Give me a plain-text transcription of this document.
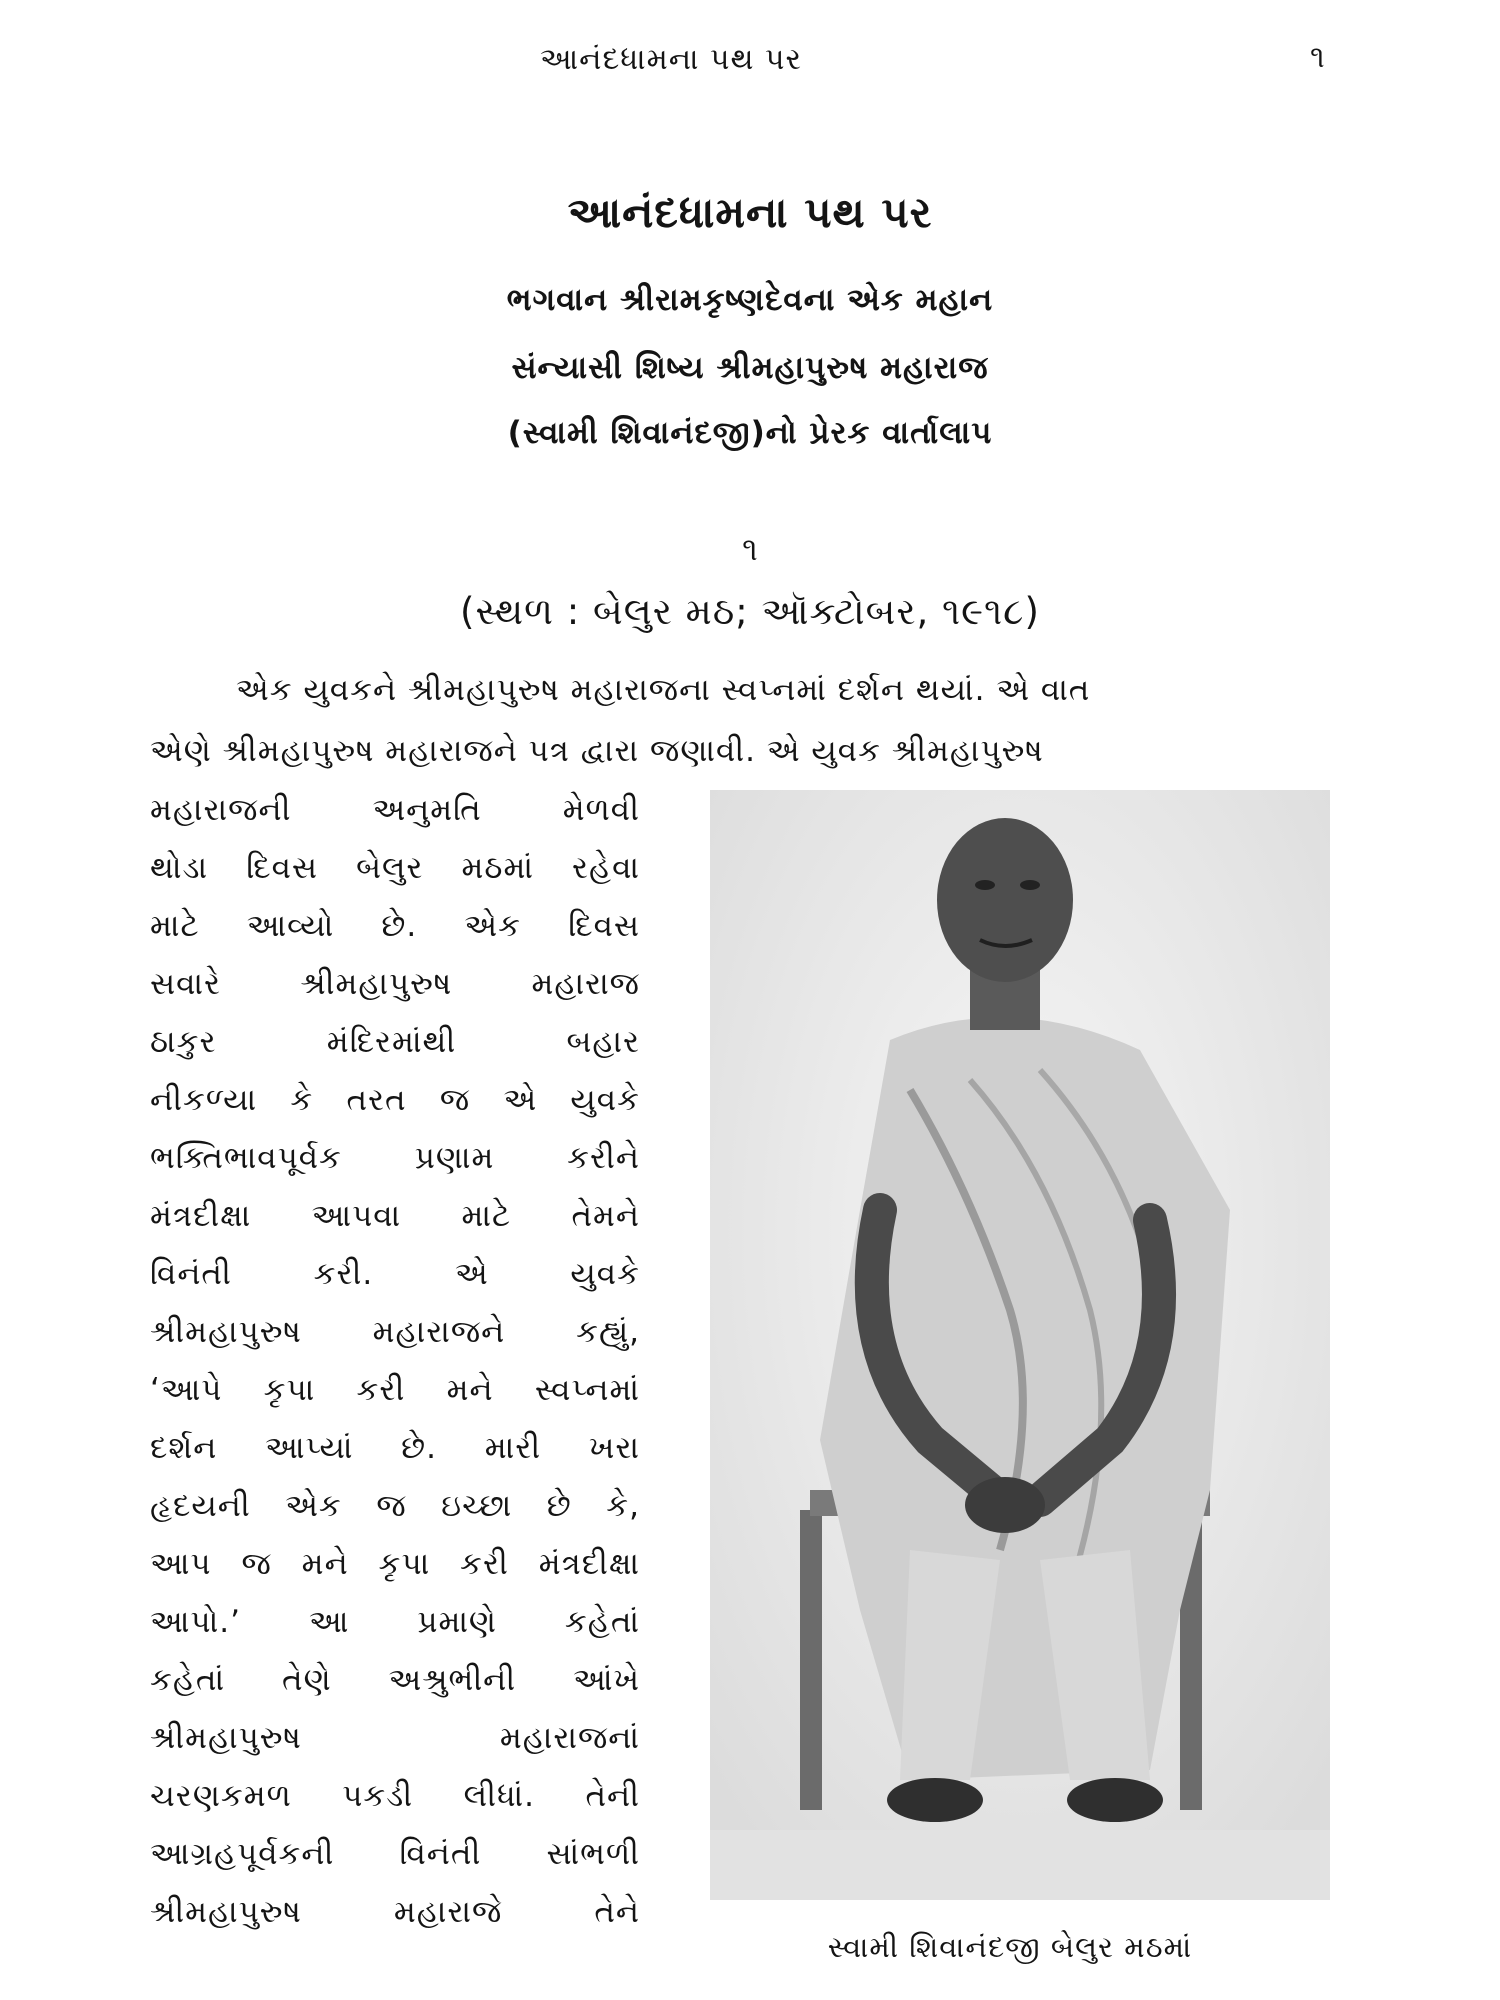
આનંદધામના પથ પર	૧
આનંદધામના પથ પર
ભગવાન શ્રીરામકૃષ્ણદેવના એક મહાન
સંન્યાસી શિષ્ય શ્રીમહાપુરુષ મહારાજ
(સ્વામી શિવાનંદજી)નો પ્રેરક વાર્તાલાપ
૧
(સ્થળ : બેલુર મઠ; ઑક્ટોબર, ૧૯૧૮)
એક યુવકને શ્રીમહાપુરુષ મહારાજના સ્વપ્નમાં દર્શન થયાં. એ વાત
એણે શ્રીમહાપુરુષ મહારાજને પત્ર દ્વારા જણાવી. એ યુવક શ્રીમહાપુરુષ
મહારાજની અનુમતિ મેળવી
થોડા દિવસ બેલુર મઠમાં રહેવા
માટે આવ્યો છે. એક દિવસ
સવારે શ્રીમહાપુરુષ મહારાજ
ઠાકુર મંદિરમાંથી બહાર
નીકળ્યા કે તરત જ એ યુવકે
ભક્તિભાવપૂર્વક પ્રણામ કરીને
મંત્રદીક્ષા આપવા માટે તેમને
વિનંતી કરી. એ યુવકે
શ્રીમહાપુરુષ મહારાજને કહ્યું,
‘આપે કૃપા કરી મને સ્વપ્નમાં
દર્શન આપ્યાં છે. મારી ખરા
હૃદયની એક જ ઇચ્છા છે કે,
આપ જ મને કૃપા કરી મંત્રદીક્ષા
આપો.’ આ પ્રમાણે કહેતાં
કહેતાં તેણે અશ્રુભીની આંખે
શ્રીમહાપુરુષ મહારાજનાં
ચરણકમળ પકડી લીધાં. તેની
આગ્રહપૂર્વકની વિનંતી સાંભળી
શ્રીમહાપુરુષ મહારાજે તેને
સ્વામી શિવાનંદજી બેલુર મઠમાં
